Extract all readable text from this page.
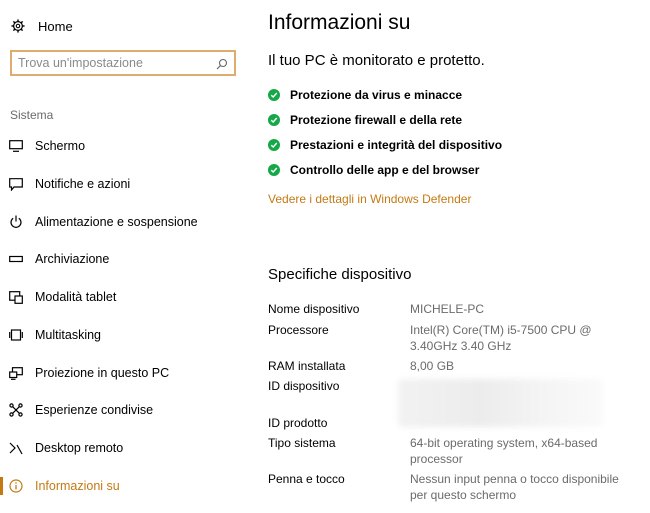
Home
Trova un'impostazione
Sistema
Schermo
Notifiche e azioni
Alimentazione e sospensione
Archiviazione
Modalità tablet
Multitasking
Proiezione in questo PC
Esperienze condivise
Desktop remoto
Informazioni su
Informazioni su
Il tuo PC è monitorato e protetto.
Protezione da virus e minacce
Protezione firewall e della rete
Prestazioni e integrità del dispositivo
Controllo delle app e del browser
Vedere i dettagli in Windows Defender
Specifiche dispositivo
Nome dispositivo	MICHELE-PC
Processore	Intel(R) Core(TM) i5-7500 CPU @ 3.40GHz 3.40 GHz
RAM installata	8,00 GB
ID dispositivo
ID prodotto
Tipo sistema	64-bit operating system, x64-based processor
Penna e tocco	Nessun input penna o tocco disponibile per questo schermo
